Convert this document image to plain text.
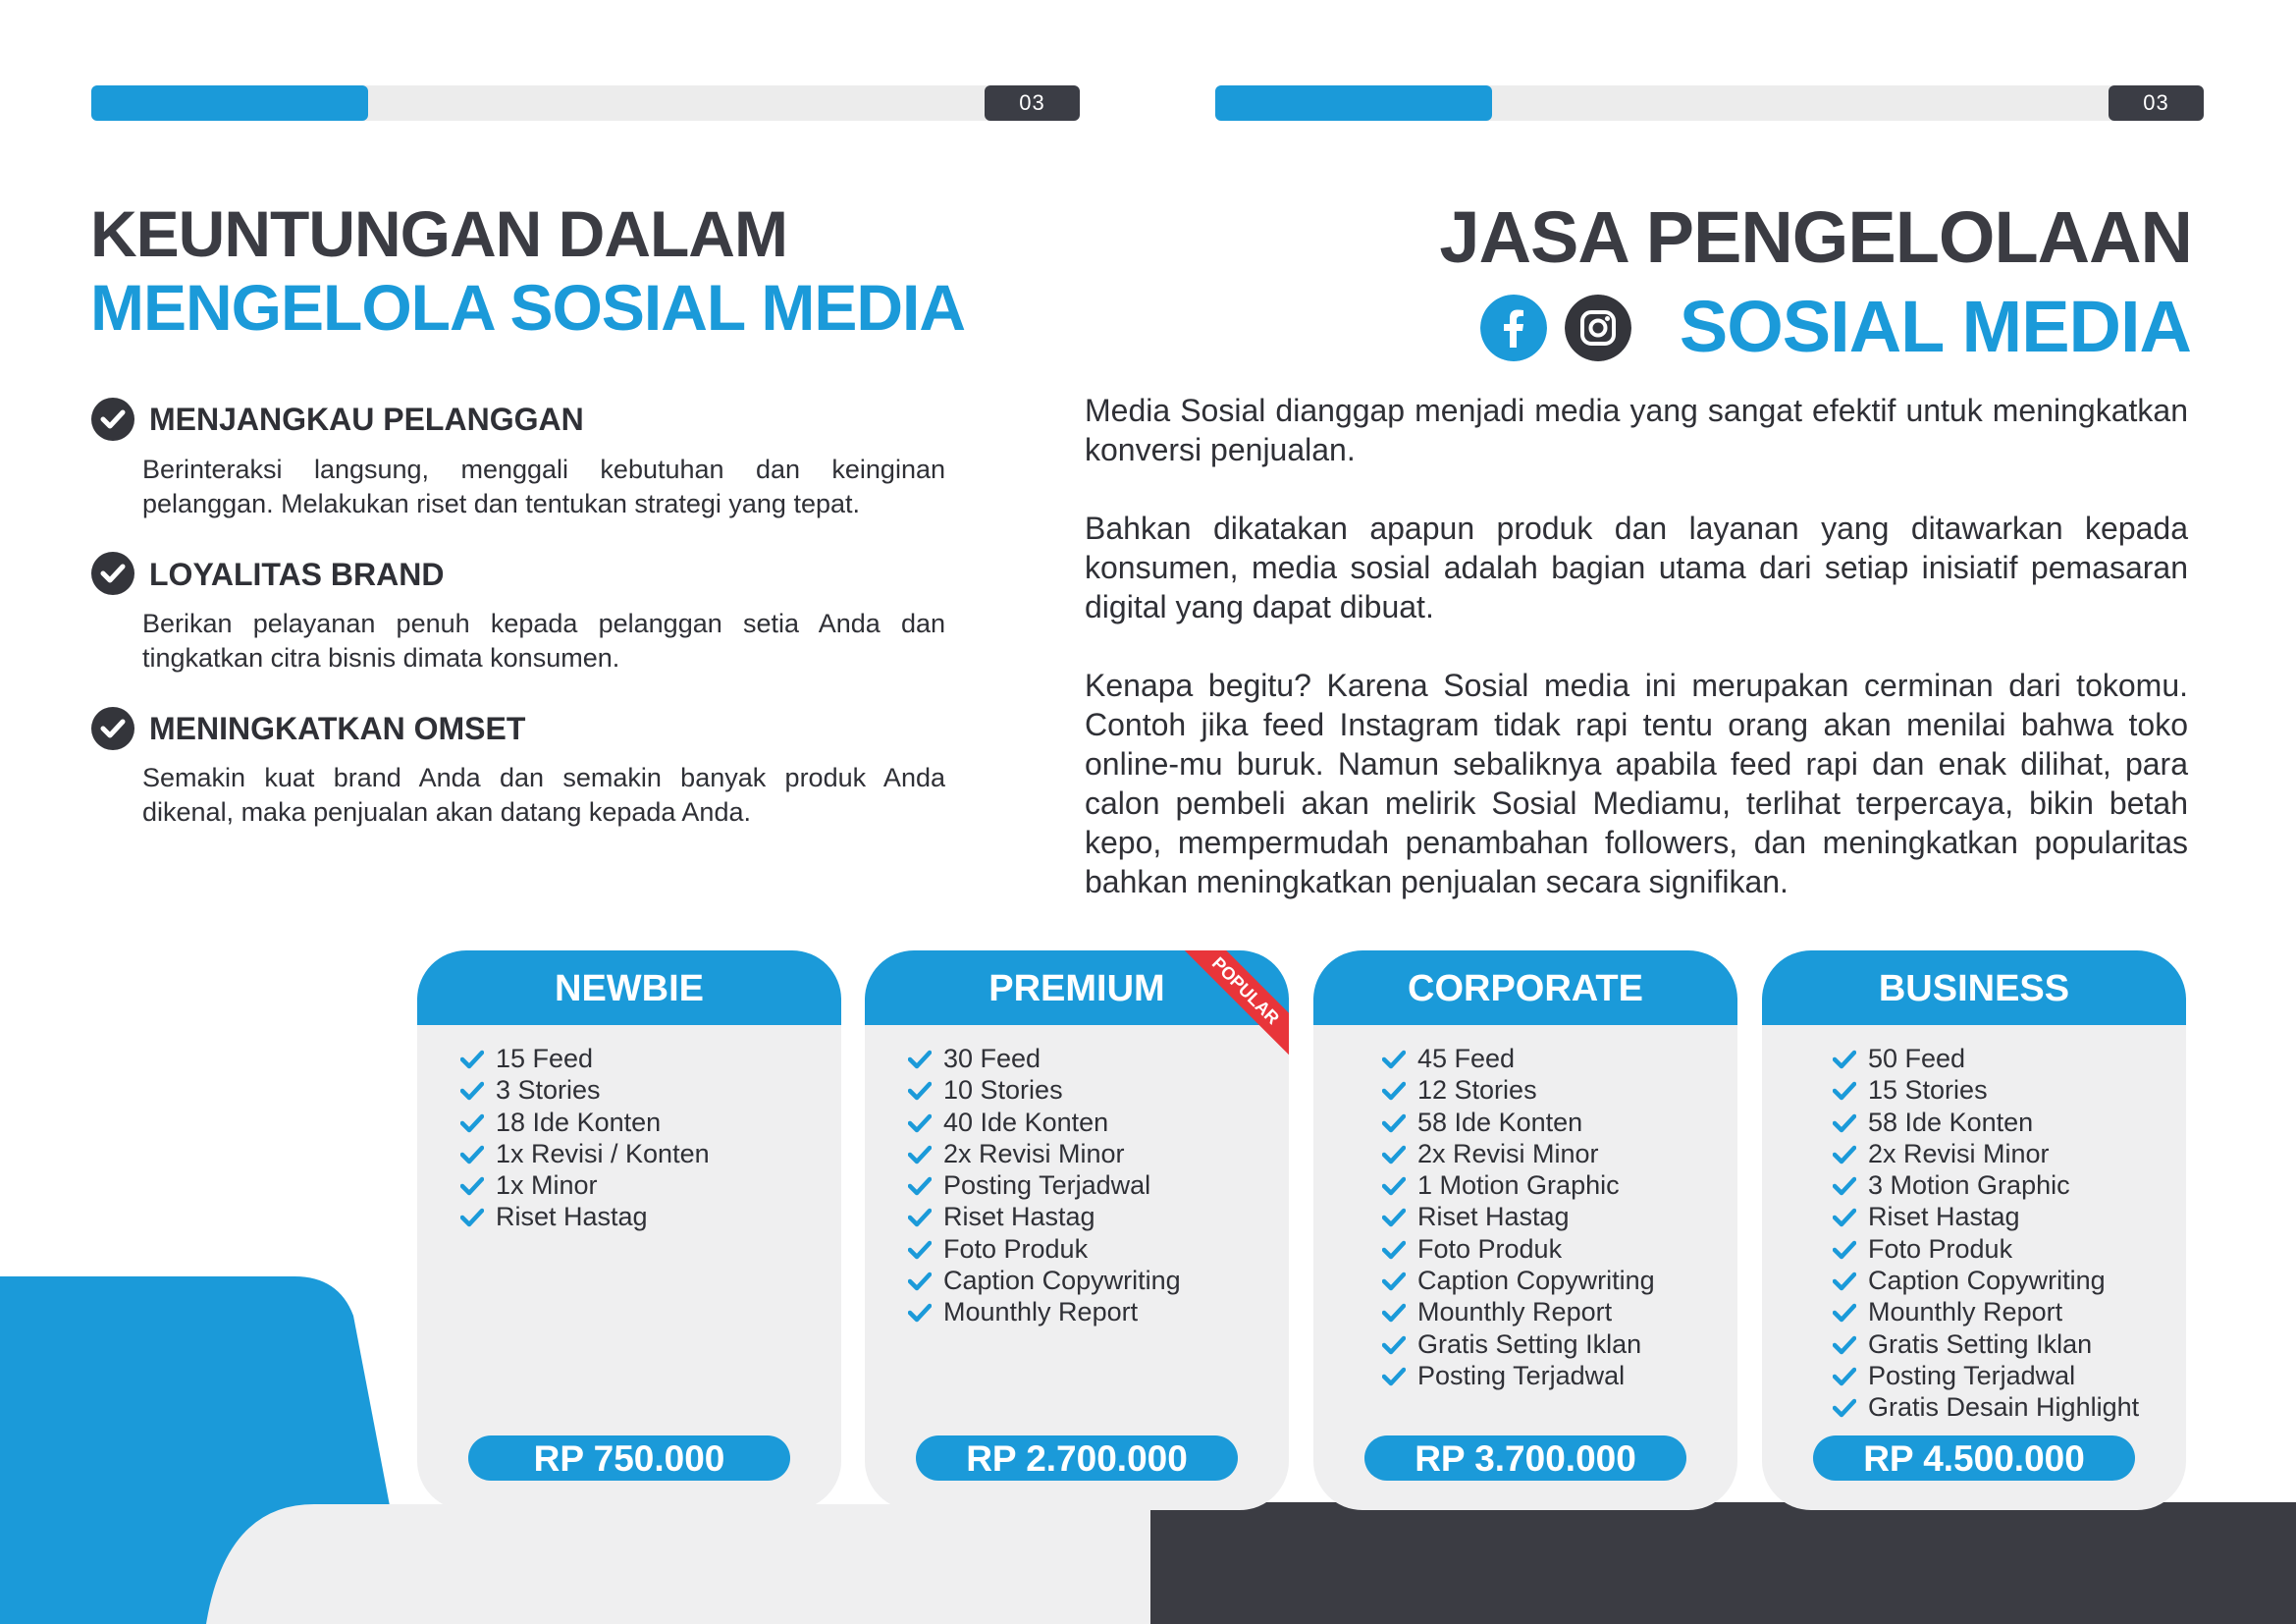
03	03
KEUNTUNGAN DALAM
MENGELOLA SOSIAL MEDIA
MENJANGKAU PELANGGAN
Berinteraksi langsung, menggali kebutuhan dan keinginan pelanggan. Melakukan riset dan tentukan strategi yang tepat.
LOYALITAS BRAND
Berikan pelayanan penuh kepada pelanggan setia Anda dan tingkatkan citra bisnis dimata konsumen.
MENINGKATKAN OMSET
Semakin kuat brand Anda dan semakin banyak produk Anda dikenal, maka penjualan akan datang kepada Anda.
JASA PENGELOLAAN
SOSIAL MEDIA
Media Sosial dianggap menjadi media yang sangat efektif untuk meningkatkan konversi penjualan.
Bahkan dikatakan apapun produk dan layanan yang ditawarkan kepada konsumen, media sosial adalah bagian utama dari setiap inisiatif pemasaran digital yang dapat dibuat.
Kenapa begitu? Karena Sosial media ini merupakan cerminan dari tokomu. Contoh jika feed Instagram tidak rapi tentu orang akan menilai bahwa toko online-mu buruk. Namun sebaliknya apabila feed rapi dan enak dilihat, para calon pembeli akan melirik Sosial Mediamu, terlihat terpercaya, bikin betah kepo, mempermudah penambahan followers, dan meningkatkan popularitas bahkan meningkatkan penjualan secara signifikan.
NEWBIE
15 Feed
3 Stories
18 Ide Konten
1x Revisi / Konten
1x Minor
Riset Hastag
RP 750.000
PREMIUM	POPULAR
30 Feed
10 Stories
40 Ide Konten
2x Revisi Minor
Posting Terjadwal
Riset Hastag
Foto Produk
Caption Copywriting
Mounthly Report
RP 2.700.000
CORPORATE
45 Feed
12 Stories
58 Ide Konten
2x Revisi Minor
1 Motion Graphic
Riset Hastag
Foto Produk
Caption Copywriting
Mounthly Report
Gratis Setting Iklan
Posting Terjadwal
RP 3.700.000
BUSINESS
50 Feed
15 Stories
58 Ide Konten
2x Revisi Minor
3 Motion Graphic
Riset Hastag
Foto Produk
Caption Copywriting
Mounthly Report
Gratis Setting Iklan
Posting Terjadwal
Gratis Desain Highlight
RP 4.500.000
